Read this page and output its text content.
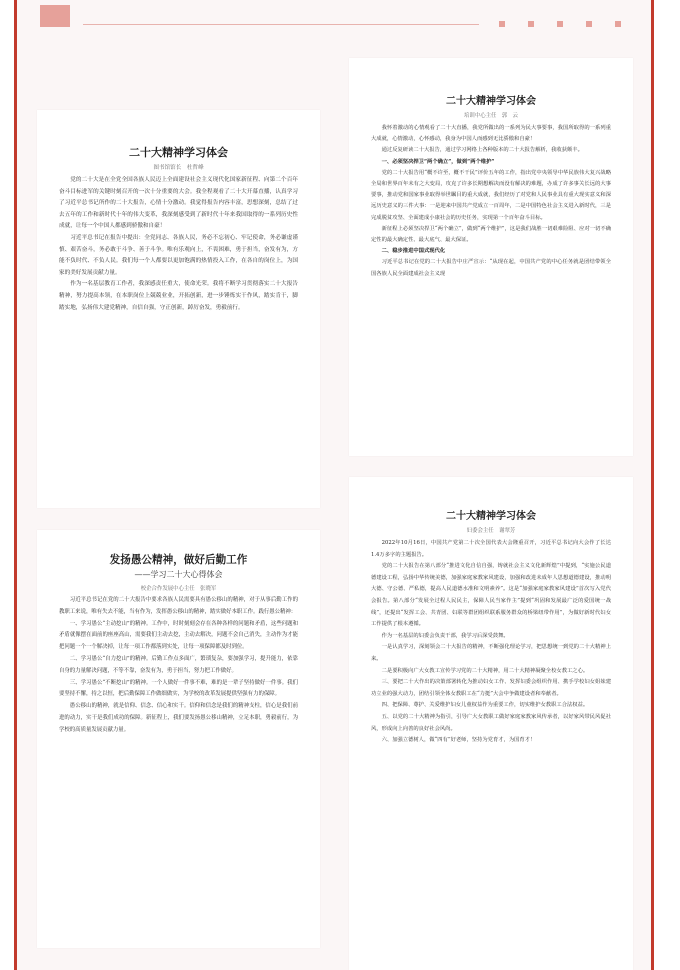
二十大精神学习体会
图书馆馆长　杜哲峰

党的二十大是在全党全国各族人民迈上全面建设社会主义现代化国家新征程、向第二个百年奋斗目标进军的关键时刻召开的一次十分重要的大会。我全程观看了二十大开幕直播，认真学习了习近平总书记所作的二十大报告，心情十分激动。我觉得报告内容丰富，思想深刻，总结了过去五年的工作和新时代十年的伟大变革，我深刻感受到了新时代十年来我国取得的一系列历史性成就，让每一个中国人都感到骄傲和自豪！

习近平总书记在报告中提出：全党同志、各族人民，务必不忘初心、牢记使命，务必谦虚谨慎、艰苦奋斗，务必敢于斗争、善于斗争。唯有乐观向上，不畏困难，勇于担当，奋发有为，方能不负时代、不负人民。我们每一个人都要以更加饱满的热情投入工作，在各自的岗位上，为国家的美好发展贡献力量。

作为一名基层教育工作者，我深感责任重大，使命光荣。我将不断学习贯彻落实二十大报告精神，努力提高本领，在本职岗位上兢兢业业，开拓创新，进一步锤炼实干作风，踏实肯干，脚踏实地，弘扬伟大建党精神，自信自强，守正创新，踔厉奋发，勇毅前行。

二十大精神学习体会
培训中心主任　郭　云

我怀着激动的心情观看了二十大直播，我党所做出的一系列为民大事要事，我国所取得的一系列重大成就，心情激动，心怀感动，我身为中国人而感到无比骄傲和自豪！

通过反复研读二十大报告，通过学习网络上各种版本的二十大报告解析，我收获颇丰。

一、必须坚决捍卫“两个确立”，做到“两个维护”

党的二十大报告用“概不许至，概不干民”评价五年的工作，指出党中央领导中华民族伟大复兴战略全局和世界百年未有之大变局，攻克了许多长期想解决而没有解决的难题，办成了许多事关长远的大事要事，推动党和国家事业取得举世瞩目的重大成就，我们经历了对党和人民事业具有重大现实意义和深远历史意义的三件大事：一是迎来中国共产党成立一百周年，二是中国特色社会主义进入新时代，三是完成脱贫攻坚、全面建成小康社会的历史任务，实现第一个百年奋斗目标。

新征程上必须坚决捍卫“两个确立”，做到“两个维护”，这是我们战胜一切艰难险阻、应对一切不确定性的最大确定性、最大底气、最大保证。

二、稳步推进中国式现代化

习近平总书记在党的二十大报告中庄严宣示：“从现在起，中国共产党的中心任务就是团结带领全国各族人民全面建成社会主义现

发扬愚公精神，做好后勤工作
——学习二十大心得体会
校企合作发展中心主任　张晓军

习近平总书记在党的二十大报告中要求各族人民需要具有愚公移山的精神，对于从事后勤工作的教职工来说，唯有失去不能，当有作为，发挥愚公移山的精神，踏实做好本职工作。践行愚公精神：

一、学习愚公“主动挖山”的精神。工作中，时时刻刻会存在各种各样的问题和矛盾，这些问题和矛盾就像摆在面前的座座高山，需要我们主动去挖，主动去解决，问题不会自己消失，主动作为才能把问题一个一个解决掉，让每一项工作都落到实处，让每一项保障都及时到位。

二、学习愚公“自力挖山”的精神。后勤工作点多面广，繁琐复杂，要加强学习，提升能力，依靠自身的力量解决问题，不等不靠，奋发有为，勇于担当，努力把工作做好。

三、学习愚公“不断挖山”的精神。一个人做好一件事不难，难的是一辈子坚持做好一件事。我们要坚持不懈，持之以恒，把后勤保障工作做细做实，为学校的改革发展提供坚强有力的保障。

愚公移山的精神，就是信仰、信念、信心和实干。信仰和信念是我们的精神支柱，信心是我们前进的动力，实干是我们成功的保障。新征程上，我们要发扬愚公移山精神，立足本职，勇毅前行，为学校的高质量发展贡献力量。

二十大精神学习体会
妇委会主任　谢翠芳

2022年10月16日，中国共产党第二十次全国代表大会隆重召开，习近平总书记向大会作了长达1.4万多字的主题报告。

党的二十大报告在第八部分“推进文化自信自强，铸就社会主义文化新辉煌”中提到，“实施公民道德建设工程，弘扬中华传统美德，加强家庭家教家风建设，加强和改进未成年人思想道德建设，推动明大德、守公德、严私德，提高人民道德水准和文明素养”。这是“加强家庭家教家风建设”首次写入党代会报告。第八部分“发展全过程人民民主，保障人民当家作主”提到“巩固和发展最广泛的爱国统一战线”，还提出“发挥工会、共青团、妇联等群团组织联系服务群众的桥梁纽带作用”，为做好新时代妇女工作提供了根本遵循。

作为一名基层的妇委会负责干部，我学习后深受鼓舞。

一是认真学习，深刻领会二十大报告的精神，不断强化理论学习，把思想统一到党的二十大精神上来。

二是要积极向广大女教工宣传学习党的二十大精神，用二十大精神凝聚全校女教工之心。

三、要把二十大作出的决策部署转化为推动妇女工作、发挥妇委会组织作用、携手学校妇女姐妹建功立业的强大动力，团结引领全体女教职工在“力挺”大会中争做建设者和奉献者。

四、把保障、尊护、关爱维护妇女儿童权益作为重要工作，切实维护女教职工合法权益。

五、以党的二十大精神为指引，引导广大女教职工做好家庭家教家风传承者，以好家风带民风促社风，形成向上向善的良好社会风尚。

六、加强立德树人，做“四有”好老师，坚持为党育才，为国育才！
